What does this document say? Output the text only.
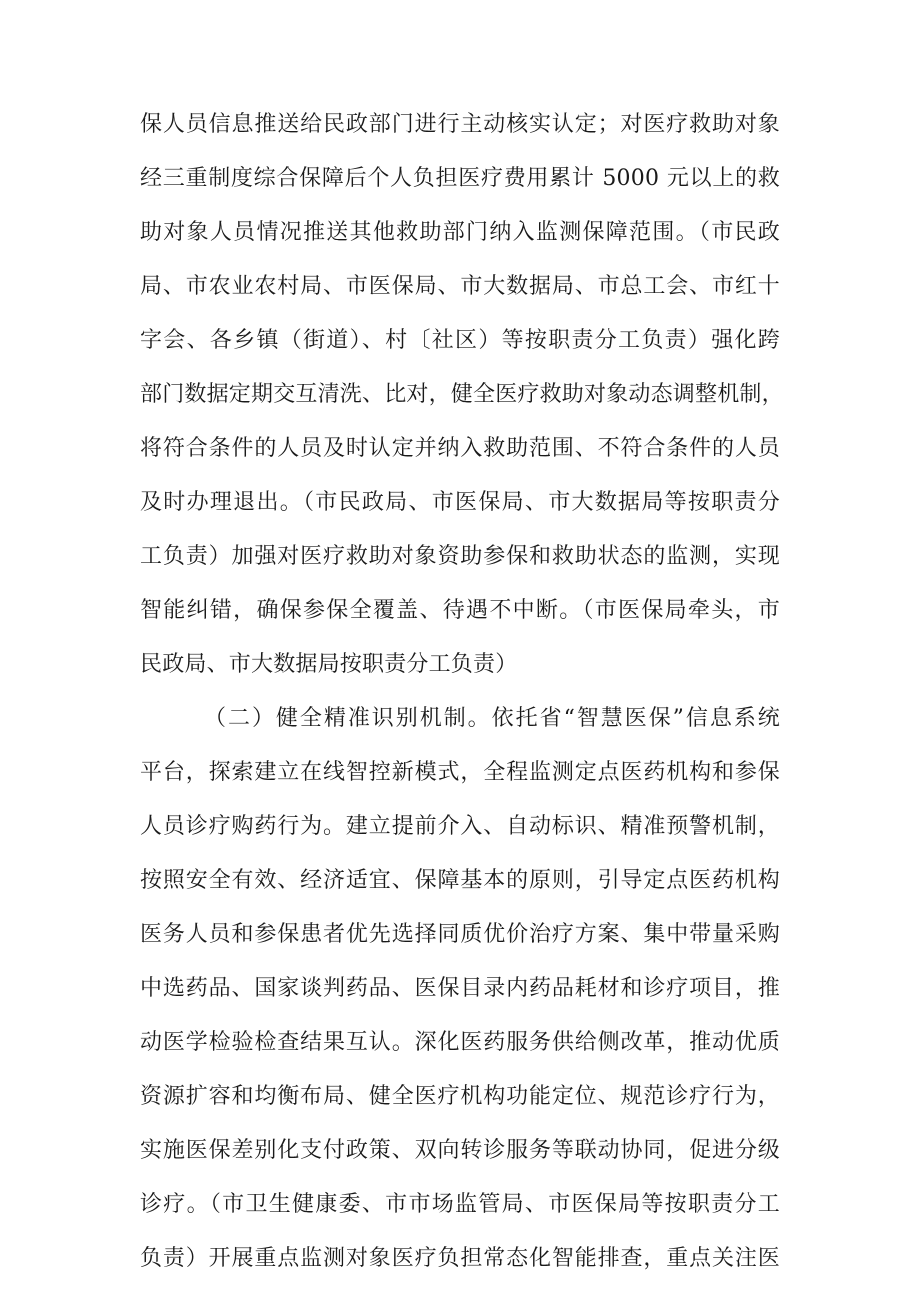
保人员信息推送给民政部门进行主动核实认定；对医疗救助对象
经三重制度综合保障后个人负担医疗费用累计 5000 元以上的救
助对象人员情况推送其他救助部门纳入监测保障范围。（市民政
局、市农业农村局、市医保局、市大数据局、市总工会、市红十
字会、各乡镇（街道）、村〔社区）等按职责分工负责）强化跨
部门数据定期交互清洗、比对，健全医疗救助对象动态调整机制，
将符合条件的人员及时认定并纳入救助范围、不符合条件的人员
及时办理退出。（市民政局、市医保局、市大数据局等按职责分
工负责）加强对医疗救助对象资助参保和救助状态的监测，实现
智能纠错，确保参保全覆盖、待遇不中断。（市医保局牵头，市
民政局、市大数据局按职责分工负责）
（二）健全精准识别机制。依托省“智慧医保”信息系统
平台，探索建立在线智控新模式，全程监测定点医药机构和参保
人员诊疗购药行为。建立提前介入、自动标识、精准预警机制，
按照安全有效、经济适宜、保障基本的原则，引导定点医药机构
医务人员和参保患者优先选择同质优价治疗方案、集中带量采购
中选药品、国家谈判药品、医保目录内药品耗材和诊疗项目，推
动医学检验检查结果互认。深化医药服务供给侧改革，推动优质
资源扩容和均衡布局、健全医疗机构功能定位、规范诊疗行为，
实施医保差别化支付政策、双向转诊服务等联动协同，促进分级
诊疗。（市卫生健康委、市市场监管局、市医保局等按职责分工
负责）开展重点监测对象医疗负担常态化智能排查，重点关注医
